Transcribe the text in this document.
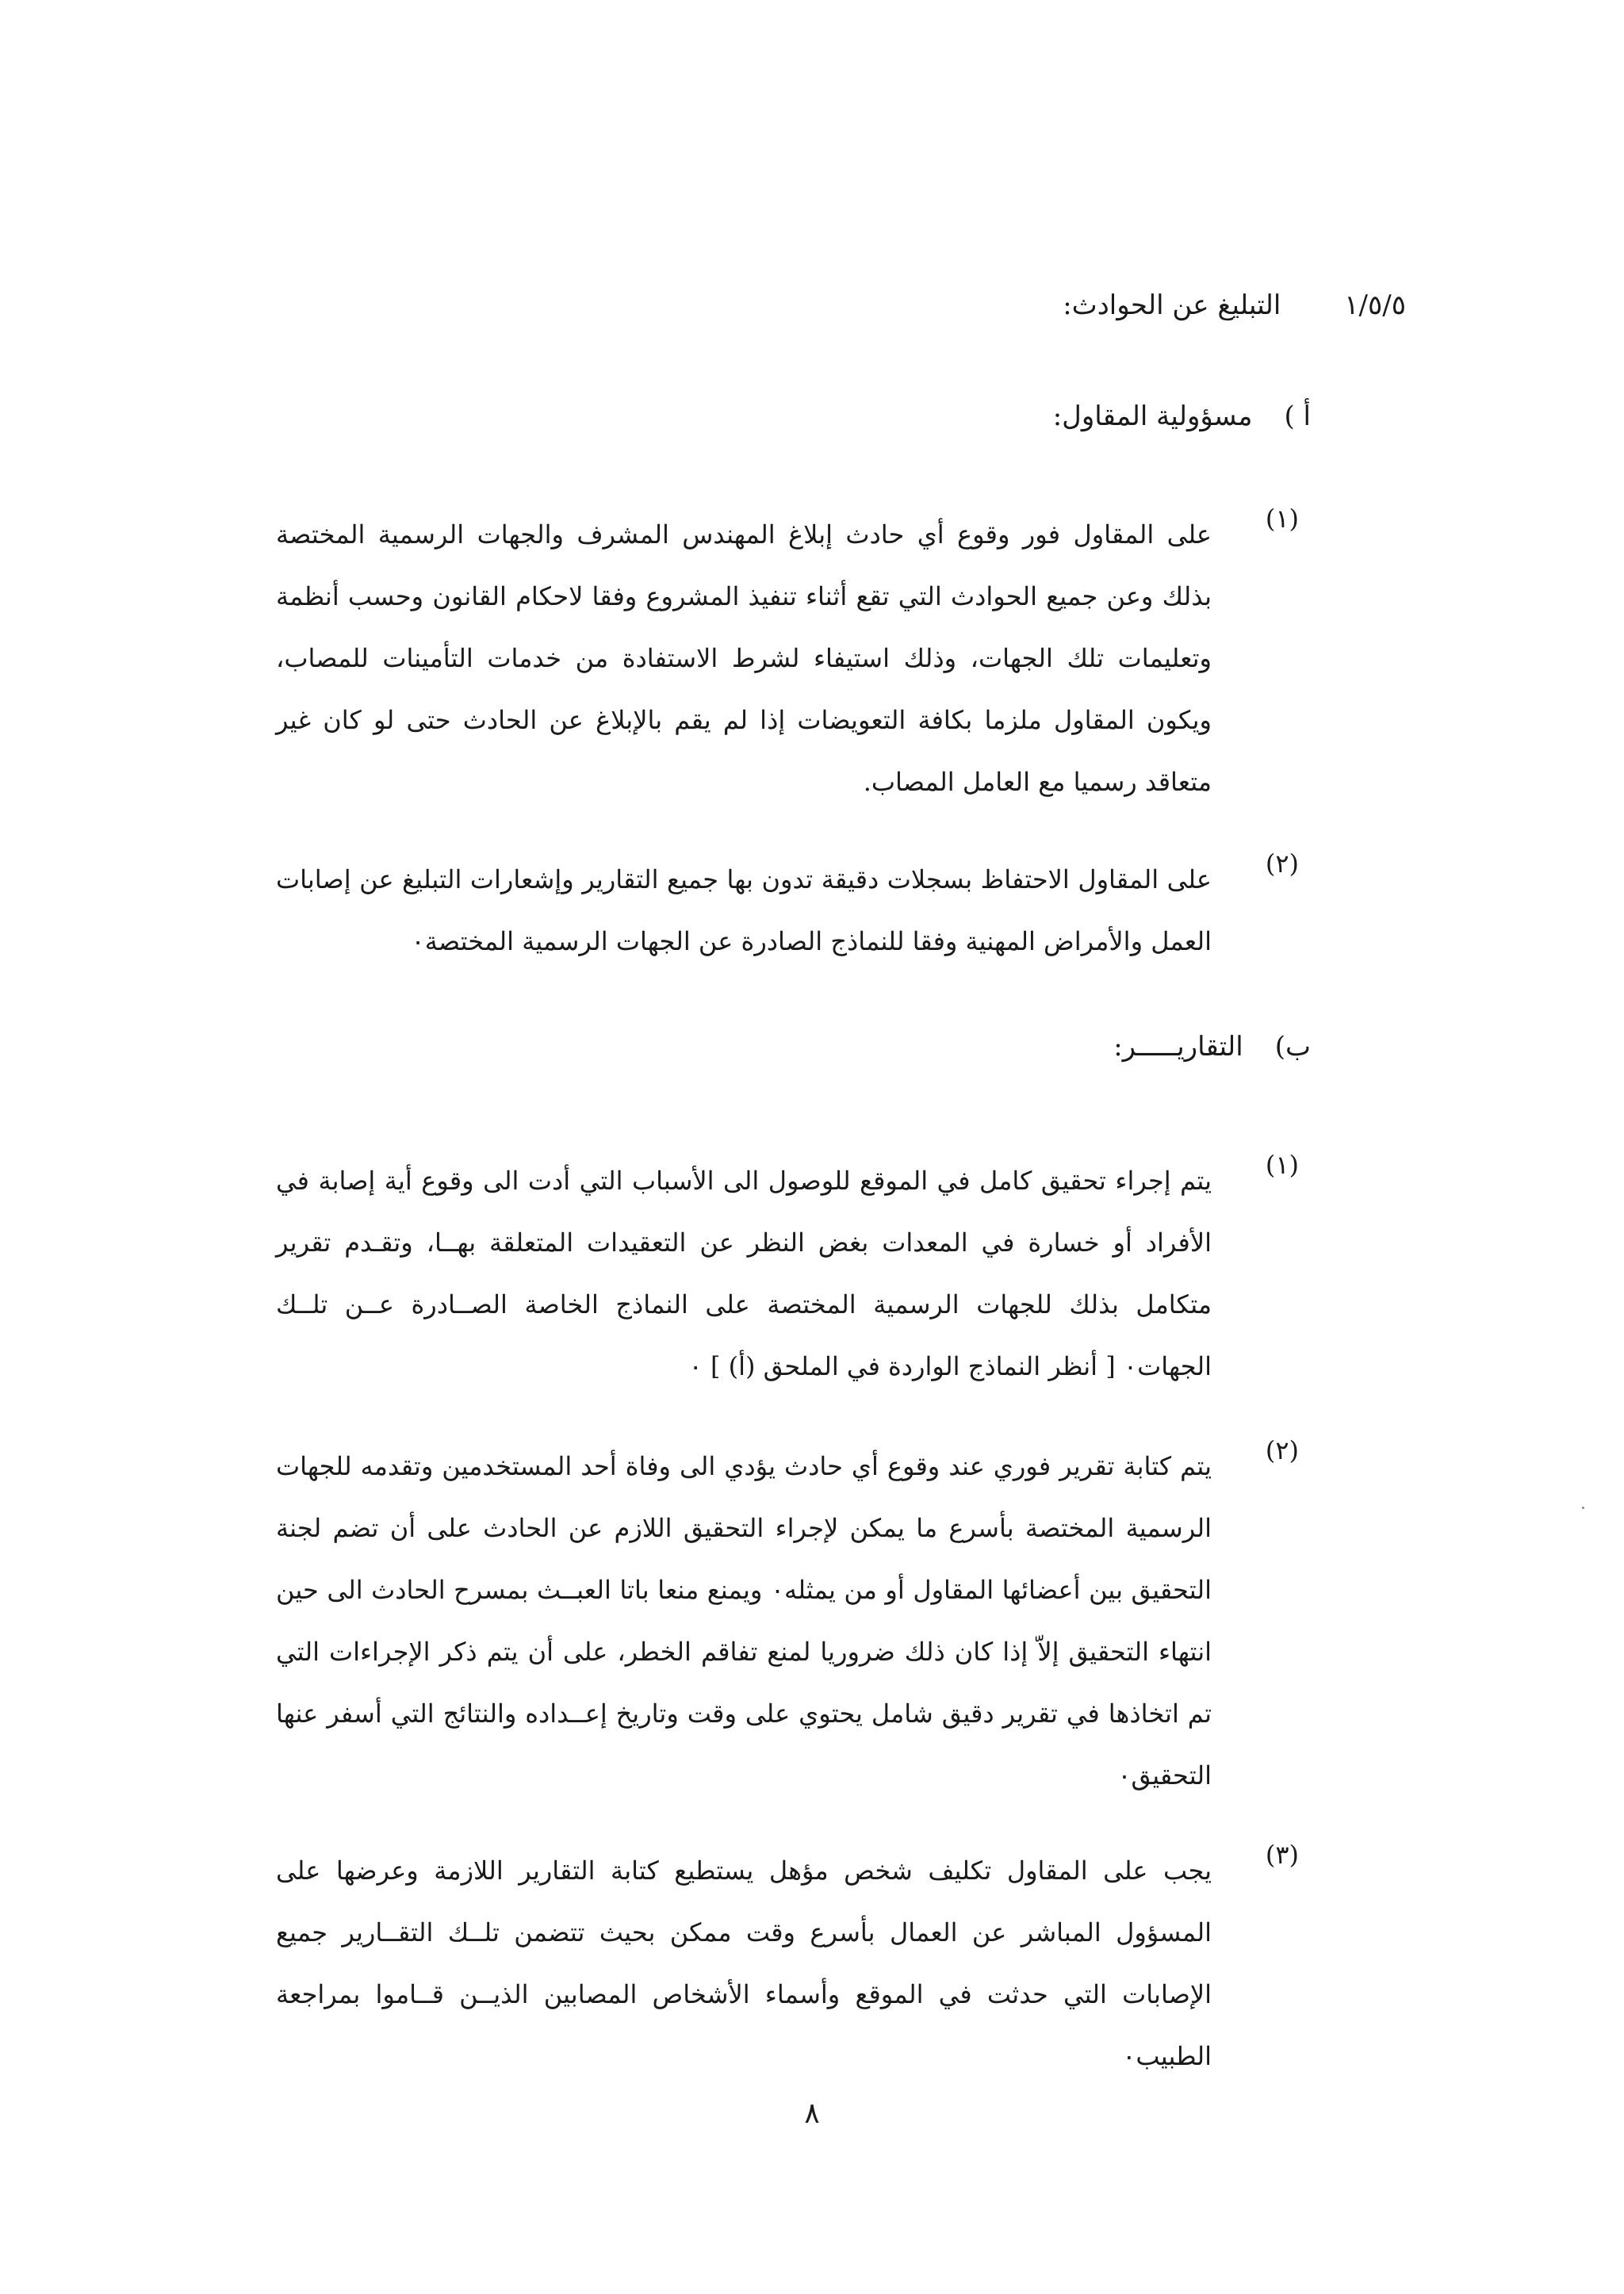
١/٥/٥
التبليغ عن الحوادث:
أ )
مسؤولية المقاول:
(١)

على المقاول فور وقوع أي حادث إبلاغ المهندس المشرف والجهات الرسمية المختصة بذلك وعن جميع الحوادث التي تقع أثناء تنفيذ المشروع وفقا لاحكام القانون وحسب أنظمة وتعليمات تلك الجهات، وذلك استيفاء لشرط الاستفادة من خدمات التأمينات للمصاب، ويكون المقاول ملزما بكافة التعويضات إذا لم يقم بالإبلاغ عن الحادث حتى لو كان غير متعاقد رسميا مع العامل المصاب.

(٢)

على المقاول الاحتفاظ بسجلات دقيقة تدون بها جميع التقارير وإشعارات التبليغ عن إصابات العمل والأمراض المهنية وفقا للنماذج الصادرة عن الجهات الرسمية المختصة٠

ب)
التقاريـــــر:
(١)

يتم إجراء تحقيق كامل في الموقع للوصول الى الأسباب التي أدت الى وقوع أية إصابة في الأفراد أو خسارة في المعدات بغض النظر عن التعقيدات المتعلقة بهــا، وتقـدم تقرير متكامل بذلك للجهات الرسمية المختصة على النماذج الخاصة الصــادرة عــن تلــك الجهات٠ [ أنظر النماذج الواردة في الملحق (أ) ] ٠

(٢)

يتم كتابة تقرير فوري عند وقوع أي حادث يؤدي الى وفاة أحد المستخدمين وتقدمه للجهات الرسمية المختصة بأسرع ما يمكن لإجراء التحقيق اللازم عن الحادث على أن تضم لجنة التحقيق بين أعضائها المقاول أو من يمثله٠ ويمنع منعا باتا العبــث بمسرح الحادث الى حين انتهاء التحقيق إلاّ إذا كان ذلك ضروريا لمنع تفاقم الخطر، على أن يتم ذكر الإجراءات التي تم اتخاذها في تقرير دقيق شامل يحتوي على وقت وتاريخ إعــداده والنتائج التي أسفر عنها التحقيق٠

(٣)

يجب على المقاول تكليف شخص مؤهل يستطيع كتابة التقارير اللازمة وعرضها على المسؤول المباشر عن العمال بأسرع وقت ممكن بحيث تتضمن تلــك التقــارير جميع الإصابات التي حدثت في الموقع وأسماء الأشخاص المصابين الذيــن قــاموا بمراجعة الطبيب٠

٨
